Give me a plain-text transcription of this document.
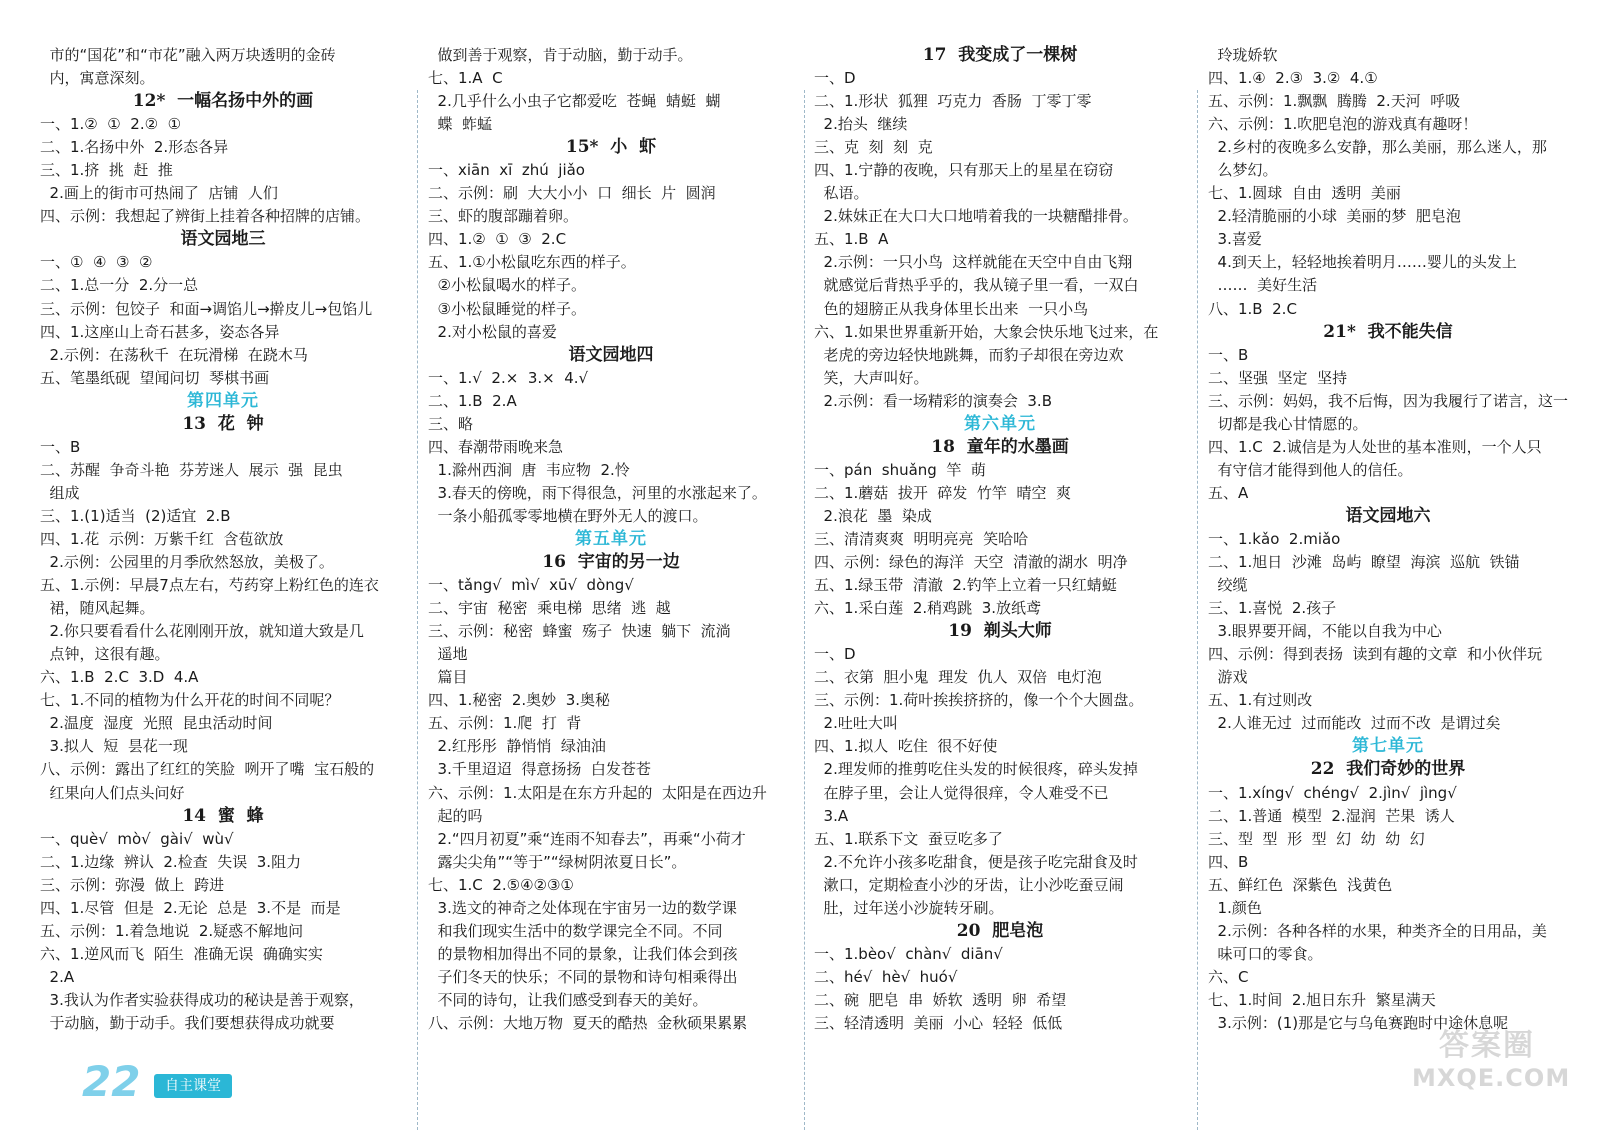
市的“国花”和“市花”融入两万块透明的金砖
内，寓意深刻。
12*  一幅名扬中外的画
一、1.②  ①  2.②  ①
二、1.名扬中外  2.形态各异
三、1.挤  挑  赶  推
2.画上的街市可热闹了  店铺  人们
四、示例：我想起了辨街上挂着各种招牌的店铺。
语文园地三
一、①  ④  ③  ②
二、1.总一分  2.分一总
三、示例：包饺子  和面→调馅儿→擀皮儿→包馅儿
四、1.这座山上奇石甚多，姿态各异
2.示例：在荡秋千  在玩滑梯  在跷木马
五、笔墨纸砚  望闻问切  琴棋书画
第四单元
13  花  钟
一、B
二、苏醒  争奇斗艳  芬芳迷人  展示  强  昆虫
组成
三、1.(1)适当  (2)适宜  2.B
四、1.花  示例：万紫千红  含苞欲放
2.示例：公园里的月季欣然怒放，美极了。
五、1.示例：早晨7点左右，芍药穿上粉红色的连衣
裙，随风起舞。
2.你只要看看什么花刚刚开放，就知道大致是几
点钟，这很有趣。
六、1.B  2.C  3.D  4.A
七、1.不同的植物为什么开花的时间不同呢？
2.温度  湿度  光照  昆虫活动时间
3.拟人  短  昙花一现
八、示例：露出了红红的笑脸  咧开了嘴  宝石般的
红果向人们点头问好
14  蜜  蜂
一、què√  mò√  gài√  wù√
二、1.边缘  辨认  2.检查  失误  3.阻力
三、示例：弥漫  做上  跨进
四、1.尽管  但是  2.无论  总是  3.不是  而是
五、示例：1.着急地说  2.疑惑不解地问
六、1.逆风而飞  陌生  准确无误  确确实实
2.A
3.我认为作者实验获得成功的秘诀是善于观察，
于动脑，勤于动手。我们要想获得成功就要
做到善于观察，肯于动脑，勤于动手。
七、1.A  C
2.几乎什么小虫子它都爱吃  苍蝇  蜻蜓  蝴
蝶  蚱蜢
15*  小  虾
一、xiān  xī  zhú  jiǎo
二、示例：刷  大大小小  口  细长  片  圆润
三、虾的腹部蹦着卵。
四、1.②  ①  ③  2.C
五、1.①小松鼠吃东西的样子。
②小松鼠喝水的样子。
③小松鼠睡觉的样子。
2.对小松鼠的喜爱
语文园地四
一、1.√  2.×  3.×  4.√
二、1.B  2.A
三、略
四、春潮带雨晚来急
1.滁州西涧  唐  韦应物  2.怜
3.春天的傍晚，雨下得很急，河里的水涨起来了。
一条小船孤零零地横在野外无人的渡口。
第五单元
16  宇宙的另一边
一、tǎng√  mì√  xū√  dòng√
二、宇宙  秘密  乘电梯  思绪  逃  越
三、示例：秘密  蜂蜜  殇子  快速  躺下  流淌
遥地
篇目
四、1.秘密  2.奥妙  3.奥秘
五、示例：1.爬  打  背
2.红彤彤  静悄悄  绿油油
3.千里迢迢  得意扬扬  白发苍苍
六、示例：1.太阳是在东方升起的  太阳是在西边升
起的吗
2.“四月初夏”乘“连雨不知春去”，再乘“小荷才
露尖尖角”“等于”“绿树阴浓夏日长”。
七、1.C  2.⑤④②③①
3.选文的神奇之处体现在宇宙另一边的数学课
和我们现实生活中的数学课完全不同。不同
的景物相加得出不同的景象，让我们体会到孩
子们冬天的快乐；不同的景物和诗句相乘得出
不同的诗句，让我们感受到春天的美好。
八、示例：大地万物  夏天的酷热  金秋硕果累累
17  我变成了一棵树
一、D
二、1.形状  狐狸  巧克力  香肠  丁零丁零
2.抬头  继续
三、克  刻  刻  克
四、1.宁静的夜晚，只有那天上的星星在窃窃
私语。
2.妹妹正在大口大口地啃着我的一块糖醋排骨。
五、1.B  A
2.示例：一只小鸟  这样就能在天空中自由飞翔
就感觉后背热乎乎的，我从镜子里一看，一双白
色的翅膀正从我身体里长出来  一只小鸟
六、1.如果世界重新开始，大象会快乐地飞过来，在
老虎的旁边轻快地跳舞，而豹子却很在旁边欢
笑，大声叫好。
2.示例：看一场精彩的演奏会  3.B
第六单元
18  童年的水墨画
一、pán  shuǎng  竿  萌
二、1.蘑菇  拔开  碎发  竹竿  晴空  爽
2.浪花  墨  染成
三、清清爽爽  明明亮亮  笑哈哈
四、示例：绿色的海洋  天空  清澈的湖水  明净
五、1.绿玉带  清澈  2.钓竿上立着一只红蜻蜓
六、1.采白莲  2.稍鸡跳  3.放纸鸢
19  剃头大师
一、D
二、衣第  胆小鬼  理发  仇人  双倍  电灯泡
三、示例：1.荷叶挨挨挤挤的，像一个个大圆盘。
2.吐吐大叫
四、1.拟人  吃住  很不好使
2.理发师的推剪吃住头发的时候很疼，碎头发掉
在脖子里，会让人觉得很痒，令人难受不已
3.A
五、1.联系下文  蚕豆吃多了
2.不允许小孩多吃甜食，便是孩子吃完甜食及时
漱口，定期检查小沙的牙齿，让小沙吃蚕豆闹
肚，过年送小沙旋转牙刷。
20  肥皂泡
一、1.bèo√  chàn√  diān√
二、hé√  hè√  huó√
二、碗  肥皂  串  娇软  透明  卵  希望
三、轻清透明  美丽  小心  轻轻  低低
玲珑娇软
四、1.④  2.③  3.②  4.①
五、示例：1.飘飘  腾腾  2.天河  呼吸
六、示例：1.吹肥皂泡的游戏真有趣呀！
2.乡村的夜晚多么安静，那么美丽，那么迷人，那
么梦幻。
七、1.圆球  自由  透明  美丽
2.轻清脆丽的小球  美丽的梦  肥皂泡
3.喜爱
4.到天上，轻轻地挨着明月……婴儿的头发上
……  美好生活
八、1.B  2.C
21*  我不能失信
一、B
二、坚强  坚定  坚持
三、示例：妈妈，我不后悔，因为我履行了诺言，这一
切都是我心甘情愿的。
四、1.C  2.诚信是为人处世的基本准则，一个人只
有守信才能得到他人的信任。
五、A
语文园地六
一、1.kǎo  2.miǎo
二、1.旭日  沙滩  岛屿  瞭望  海滨  巡航  铁锚
绞缆
三、1.喜悦  2.孩子
3.眼界要开阔，不能以自我为中心
四、示例：得到表扬  读到有趣的文章  和小伙伴玩
游戏
五、1.有过则改
2.人谁无过  过而能改  过而不改  是谓过矣
第七单元
22  我们奇妙的世界
一、1.xíng√  chéng√  2.jìn√  jìng√
二、1.普通  模型  2.湿润  芒果  诱人
三、型  型  形  型  幻  幼  幼  幻
四、B
五、鲜红色  深紫色  浅黄色
1.颜色
2.示例：各种各样的水果，种类齐全的日用品，美
味可口的零食。
六、C
七、1.时间  2.旭日东升  繁星满天
3.示例：(1)那是它与乌龟赛跑时中途休息呢
22	自主课堂
答案圈
MXQE.COM
